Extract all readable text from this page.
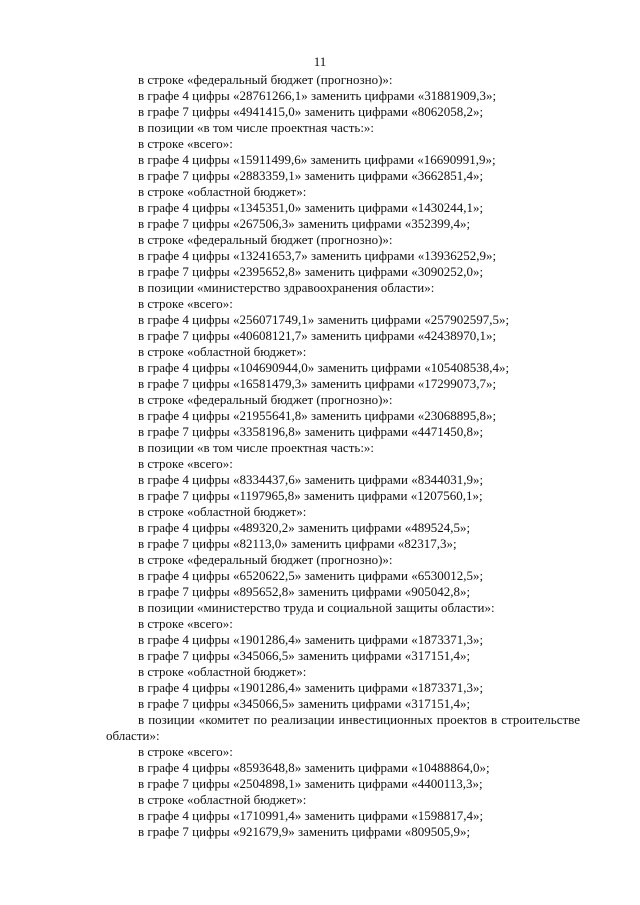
11
в строке «федеральный бюджет (прогнозно)»:
в графе 4 цифры «28761266,1» заменить цифрами «31881909,3»;
в графе 7 цифры «4941415,0» заменить цифрами «8062058,2»;
в позиции «в том числе проектная часть:»:
в строке «всего»:
в графе 4 цифры «15911499,6» заменить цифрами «16690991,9»;
в графе 7 цифры «2883359,1» заменить цифрами «3662851,4»;
в строке «областной бюджет»:
в графе 4 цифры «1345351,0» заменить цифрами «1430244,1»;
в графе 7 цифры «267506,3» заменить цифрами «352399,4»;
в строке «федеральный бюджет (прогнозно)»:
в графе 4 цифры «13241653,7» заменить цифрами «13936252,9»;
в графе 7 цифры «2395652,8» заменить цифрами «3090252,0»;
в позиции «министерство здравоохранения области»:
в строке «всего»:
в графе 4 цифры «256071749,1» заменить цифрами «257902597,5»;
в графе 7 цифры «40608121,7» заменить цифрами «42438970,1»;
в строке «областной бюджет»:
в графе 4 цифры «104690944,0» заменить цифрами «105408538,4»;
в графе 7 цифры «16581479,3» заменить цифрами «17299073,7»;
в строке «федеральный бюджет (прогнозно)»:
в графе 4 цифры «21955641,8» заменить цифрами «23068895,8»;
в графе 7 цифры «3358196,8» заменить цифрами «4471450,8»;
в позиции «в том числе проектная часть:»:
в строке «всего»:
в графе 4 цифры «8334437,6» заменить цифрами «8344031,9»;
в графе 7 цифры «1197965,8» заменить цифрами «1207560,1»;
в строке «областной бюджет»:
в графе 4 цифры «489320,2» заменить цифрами «489524,5»;
в графе 7 цифры «82113,0» заменить цифрами «82317,3»;
в строке «федеральный бюджет (прогнозно)»:
в графе 4 цифры «6520622,5» заменить цифрами «6530012,5»;
в графе 7 цифры «895652,8» заменить цифрами «905042,8»;
в позиции «министерство труда и социальной защиты области»:
в строке «всего»:
в графе 4 цифры «1901286,4» заменить цифрами «1873371,3»;
в графе 7 цифры «345066,5» заменить цифрами «317151,4»;
в строке «областной бюджет»:
в графе 4 цифры «1901286,4» заменить цифрами «1873371,3»;
в графе 7 цифры «345066,5» заменить цифрами «317151,4»;
в позиции «комитет по реализации инвестиционных проектов в строительстве области»:
в строке «всего»:
в графе 4 цифры «8593648,8» заменить цифрами «10488864,0»;
в графе 7 цифры «2504898,1» заменить цифрами «4400113,3»;
в строке «областной бюджет»:
в графе 4 цифры «1710991,4» заменить цифрами «1598817,4»;
в графе 7 цифры «921679,9» заменить цифрами «809505,9»;
